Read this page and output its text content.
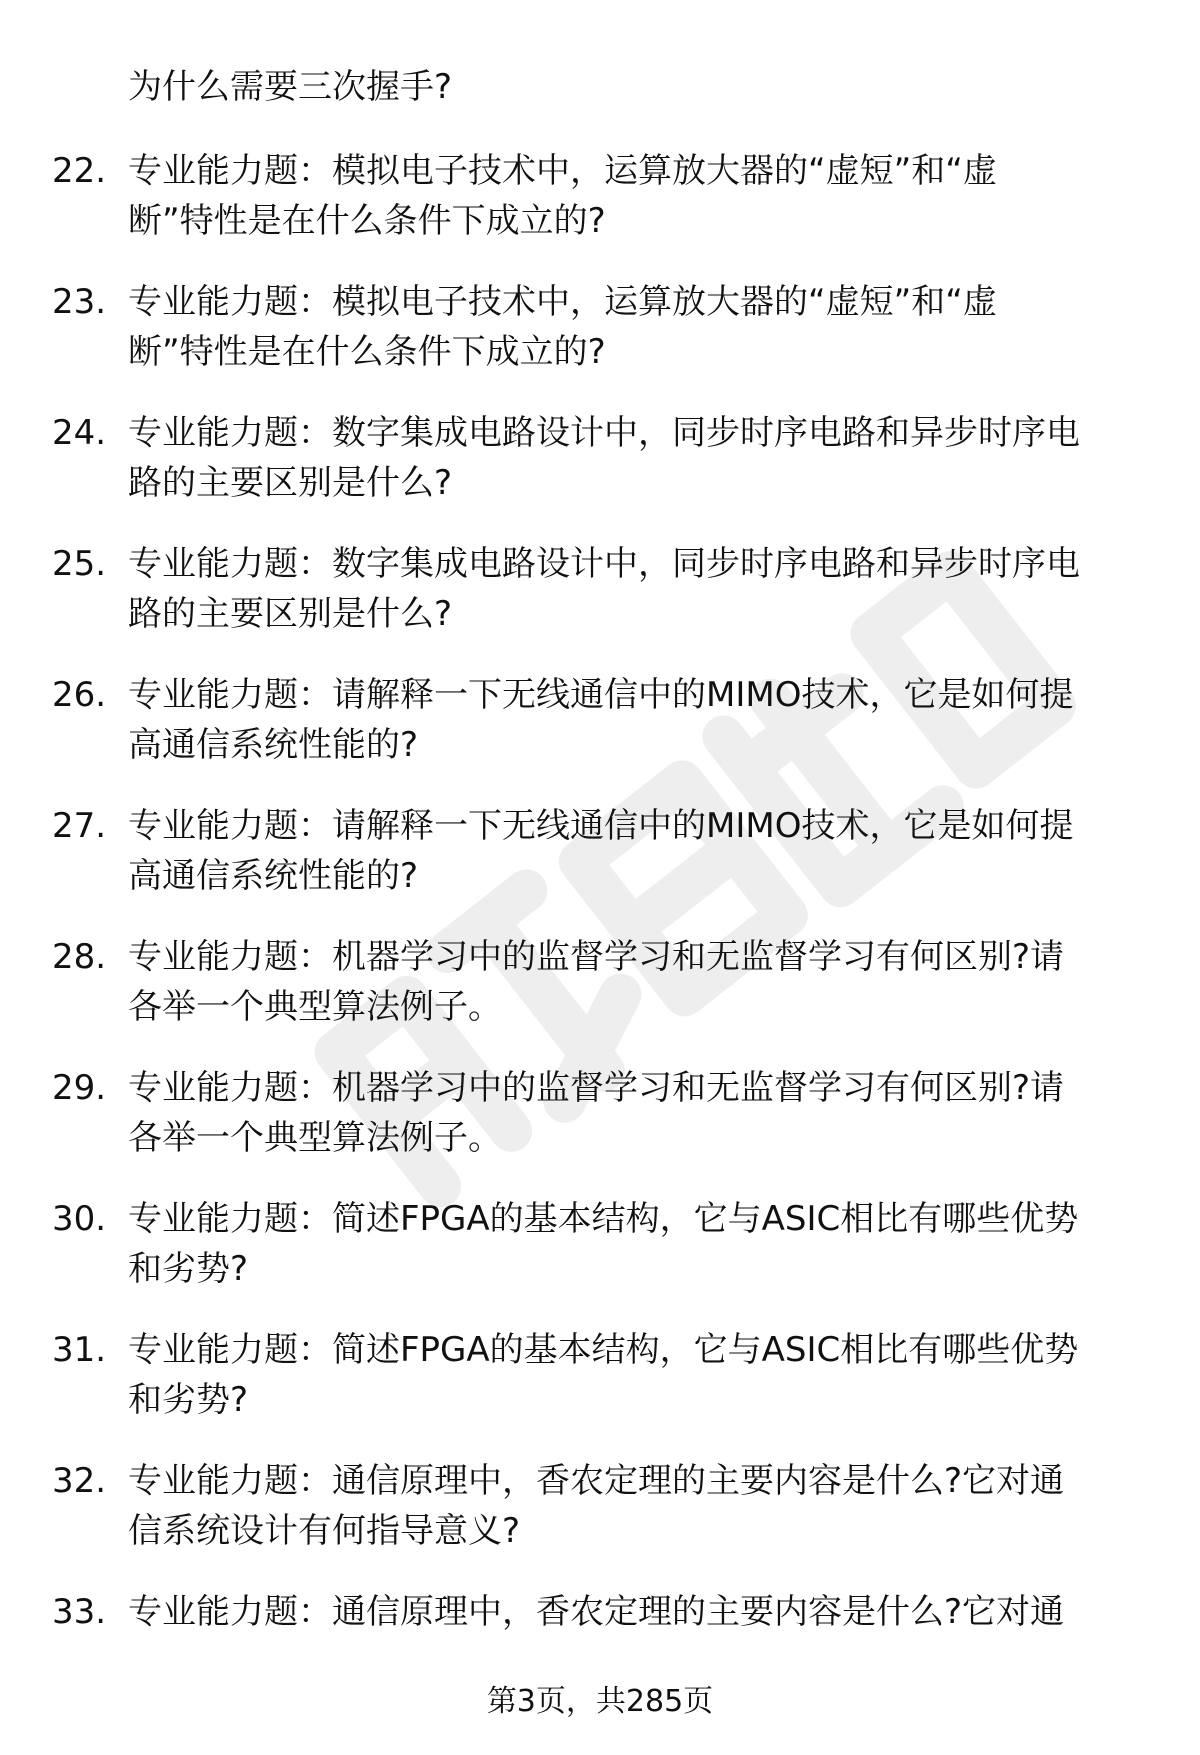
为什么需要三次握手?
22. 专业能力题：模拟电子技术中，运算放大器的“虚短”和“虚
断”特性是在什么条件下成立的?
23. 专业能力题：模拟电子技术中，运算放大器的“虚短”和“虚
断”特性是在什么条件下成立的?
24. 专业能力题：数字集成电路设计中，同步时序电路和异步时序电
路的主要区别是什么?
25. 专业能力题：数字集成电路设计中，同步时序电路和异步时序电
路的主要区别是什么?
26. 专业能力题：请解释一下无线通信中的MIMO技术，它是如何提
高通信系统性能的?
27. 专业能力题：请解释一下无线通信中的MIMO技术，它是如何提
高通信系统性能的?
28. 专业能力题：机器学习中的监督学习和无监督学习有何区别?请
各举一个典型算法例子。
29. 专业能力题：机器学习中的监督学习和无监督学习有何区别?请
各举一个典型算法例子。
30. 专业能力题：简述FPGA的基本结构，它与ASIC相比有哪些优势
和劣势?
31. 专业能力题：简述FPGA的基本结构，它与ASIC相比有哪些优势
和劣势?
32. 专业能力题：通信原理中，香农定理的主要内容是什么?它对通
信系统设计有何指导意义?
33. 专业能力题：通信原理中，香农定理的主要内容是什么?它对通
第3页，共285页
